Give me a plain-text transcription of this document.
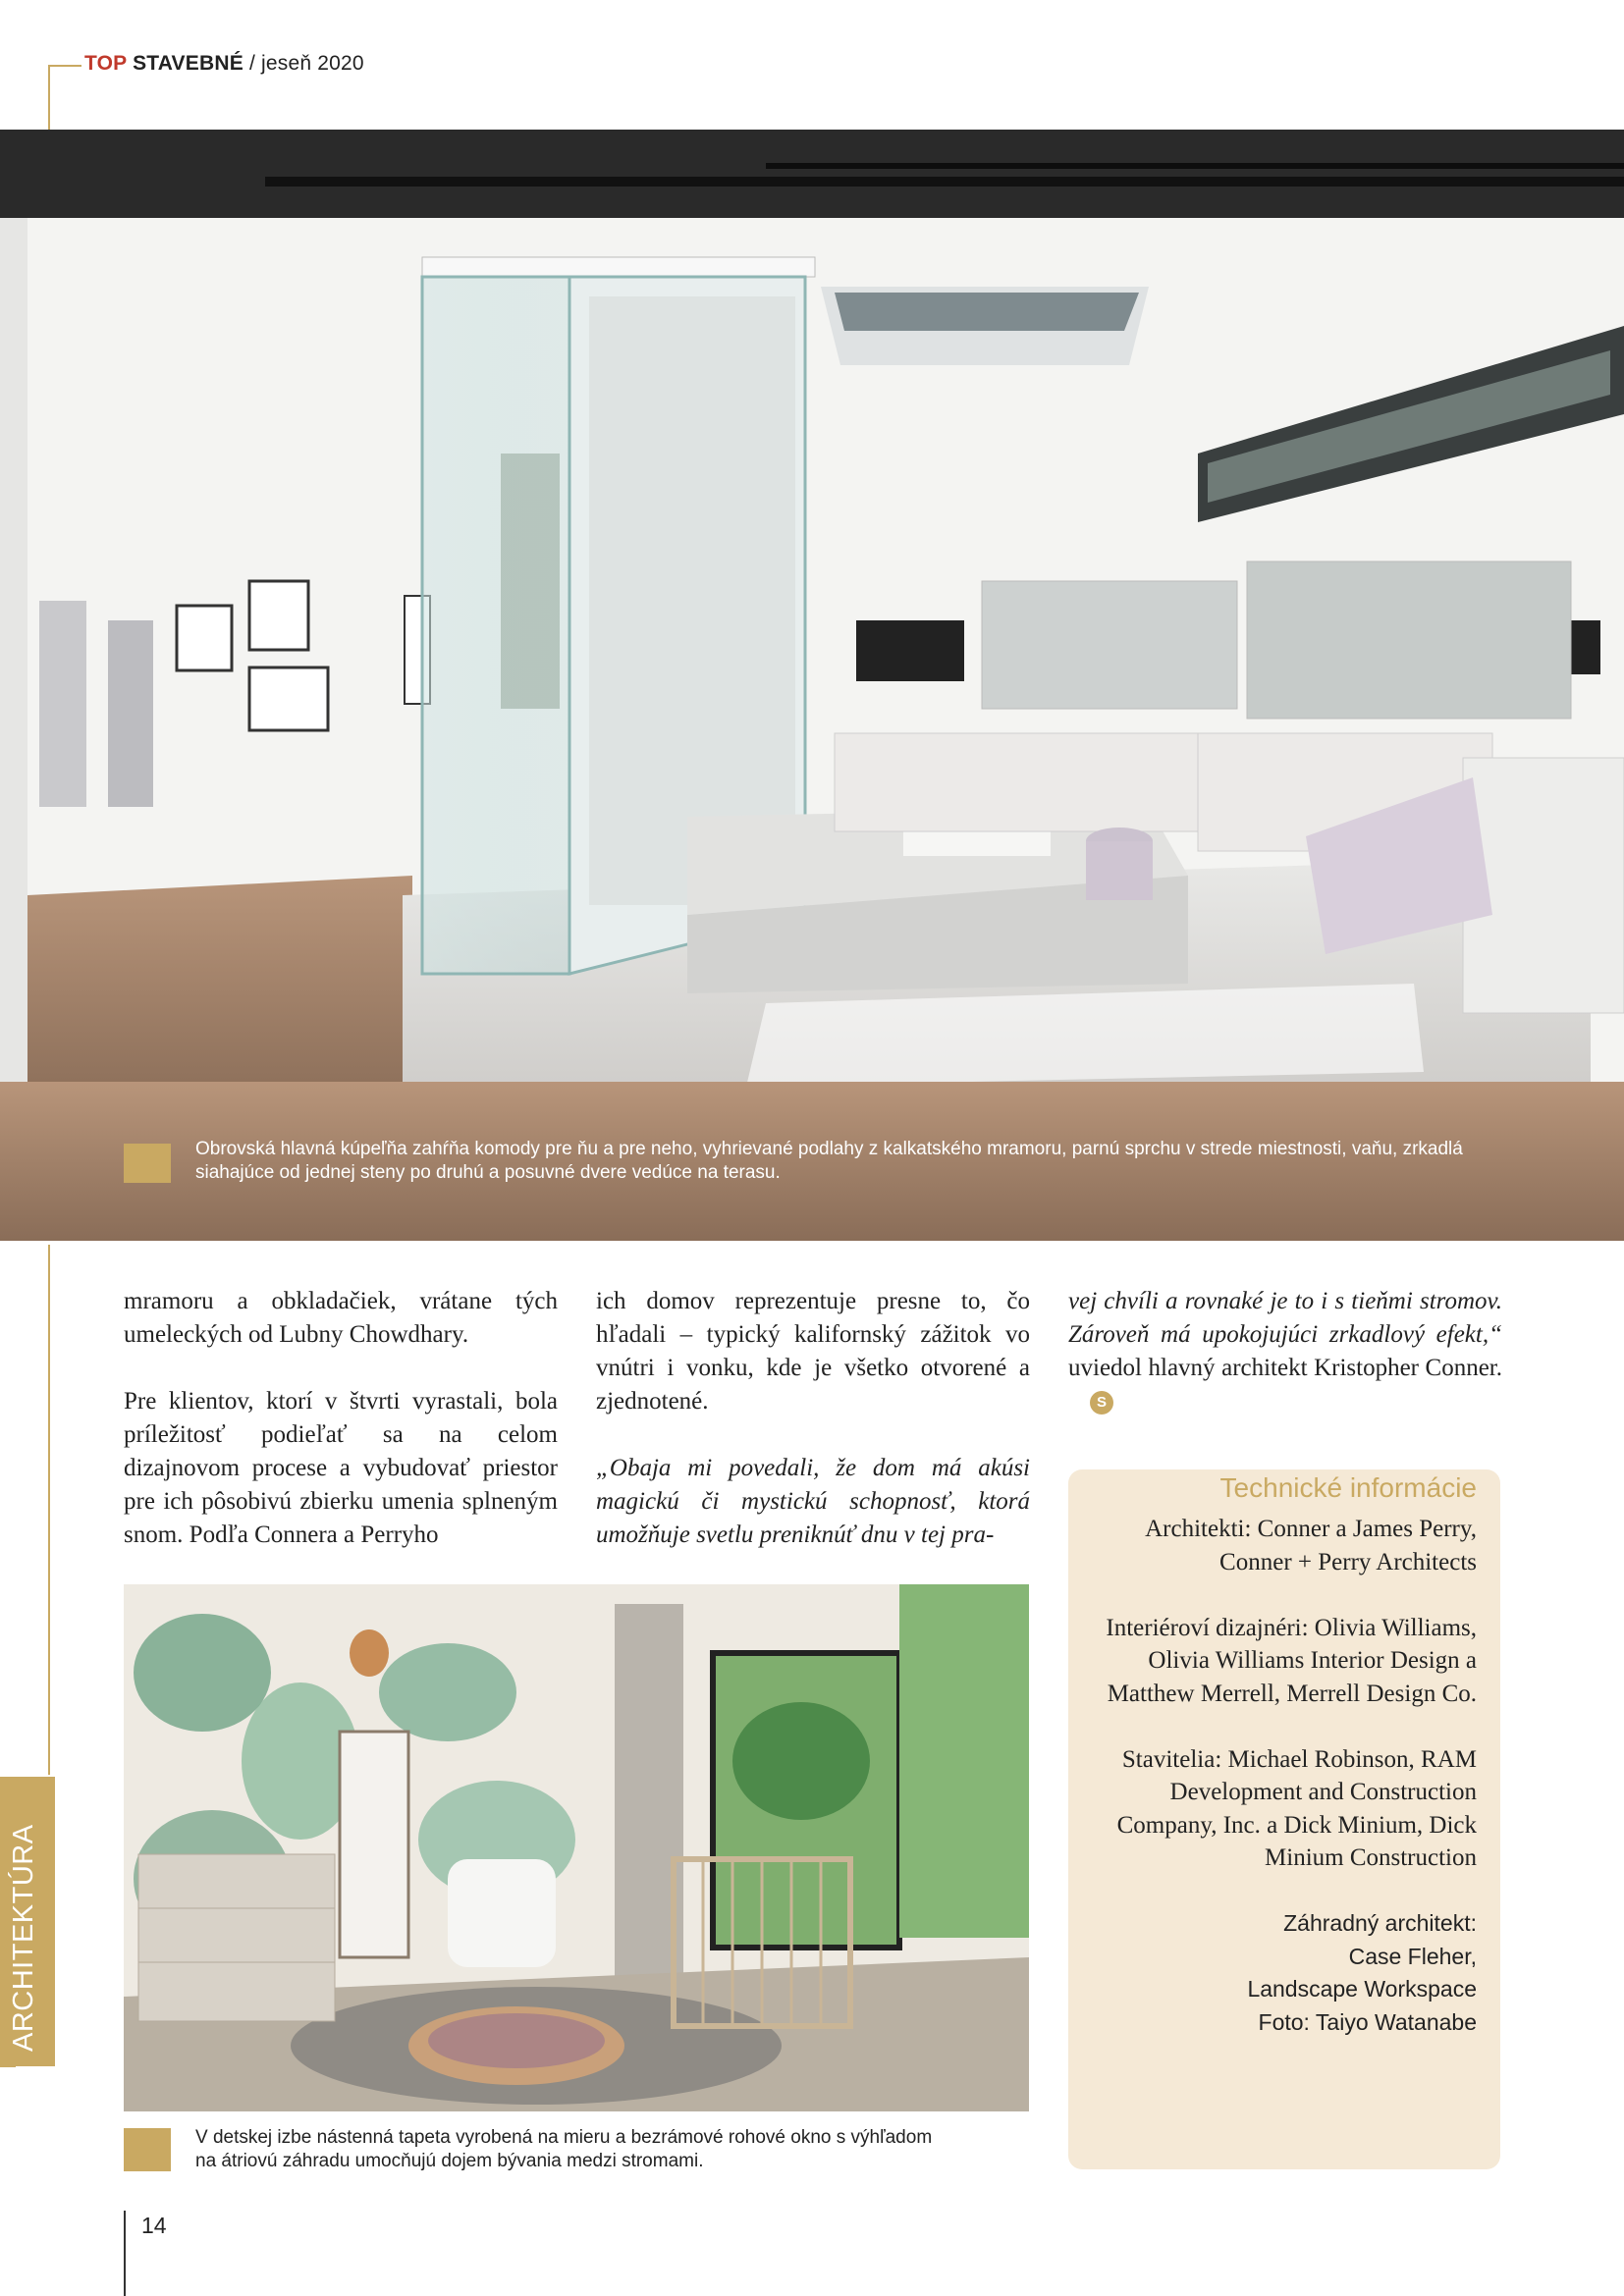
TOP STAVEBNÉ / jeseň 2020
Obrovská hlavná kúpeľňa zahŕňa komody pre ňu a pre neho, vyhrievané podlahy z kalkatského mramoru, parnú sprchu v strede miestnosti, vaňu, zrkadlá siahajúce od jednej steny po druhú a posuvné dvere vedúce na terasu.

mramoru a obkladačiek, vrátane tých umeleckých od Lubny Chowdhary.

Pre klientov, ktorí v štvrti vyrastali, bola príležitosť podieľať sa na celom dizajnovom procese a vybudovať priestor pre ich pôsobivú zbierku umenia splneným snom. Podľa Connera a Perryho

ich domov reprezentuje presne to, čo hľadali – typický kalifornský zážitok vo vnútri i vonku, kde je všetko otvorené a zjednotené.

„Obaja mi povedali, že dom má akúsi magickú či mystickú schopnosť, ktorá umožňuje svetlu preniknúť dnu v tej pra-

vej chvíli a rovnaké je to i s tieňmi stromov. Zároveň má upokojujúci zrkadlový efekt,“ uviedol hlavný architekt Kristopher Conner.S

Technické informácie

Architekti: Conner a James Perry, Conner + Perry Architects

Interiéroví dizajnéri: Olivia Williams, Olivia Williams Interior Design a Matthew Merrell, Merrell Design Co.

Stavitelia: Michael Robinson, RAM Development and Construction Company, Inc. a Dick Minium, Dick Minium Construction

Záhradný architekt:

Case Fleher,

Landscape Workspace

Foto: Taiyo Watanabe

V detskej izbe nástenná tapeta vyrobená na mieru a bezrámové rohové okno s výhľadom na átriovú záhradu umocňujú dojem bývania medzi stromami.
ARCHITEKTÚRA
14
